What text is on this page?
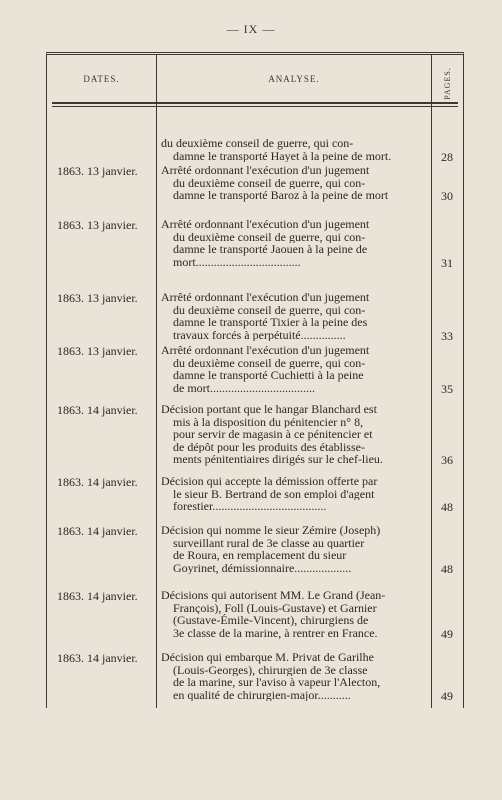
— IX —
DATES.	ANALYSE.	PAGES.
du deuxième conseil de guerre, qui con-
damne le transporté Hayet à la peine de mort.	28
1863. 13 janvier. Arrêté ordonnant l'exécution d'un jugement
du deuxième conseil de guerre, qui con-
damne le transporté Baroz à la peine de mort	30
1863. 13 janvier. Arrêté ordonnant l'exécution d'un jugement
du deuxième conseil de guerre, qui con-
damne le transporté Jaouen à la peine de
mort...................................	31
1863. 13 janvier. Arrêté ordonnant l'exécution d'un jugement
du deuxième conseil de guerre, qui con-
damne le transporté Tixier à la peine des
travaux forcés à perpétuité...............	33
1863. 13 janvier. Arrêté ordonnant l'exécution d'un jugement
du deuxième conseil de guerre, qui con-
damne le transporté Cuchietti à la peine
de mort...................................	35
1863. 14 janvier. Décision portant que le hangar Blanchard est
mis à la disposition du pénitencier n° 8,
pour servir de magasin à ce pénitencier et
de dépôt pour les produits des établisse-
ments pénitentiaires dirigés sur le chef-lieu.	36
1863. 14 janvier. Décision qui accepte la démission offerte par
le sieur B. Bertrand de son emploi d'agent
forestier......................................	48
1863. 14 janvier. Décision qui nomme le sieur Zémire (Joseph)
surveillant rural de 3e classe au quartier
de Roura, en remplacement du sieur
Goyrinet, démissionnaire...................	48
1863. 14 janvier. Décisions qui autorisent MM. Le Grand (Jean-
François), Foll (Louis-Gustave) et Garnier
(Gustave-Émile-Vincent), chirurgiens de
3e classe de la marine, à rentrer en France.	49
1863. 14 janvier. Décision qui embarque M. Privat de Garilhe
(Louis-Georges), chirurgien de 3e classe
de la marine, sur l'aviso à vapeur l'Alecton,
en qualité de chirurgien-major...........	49
